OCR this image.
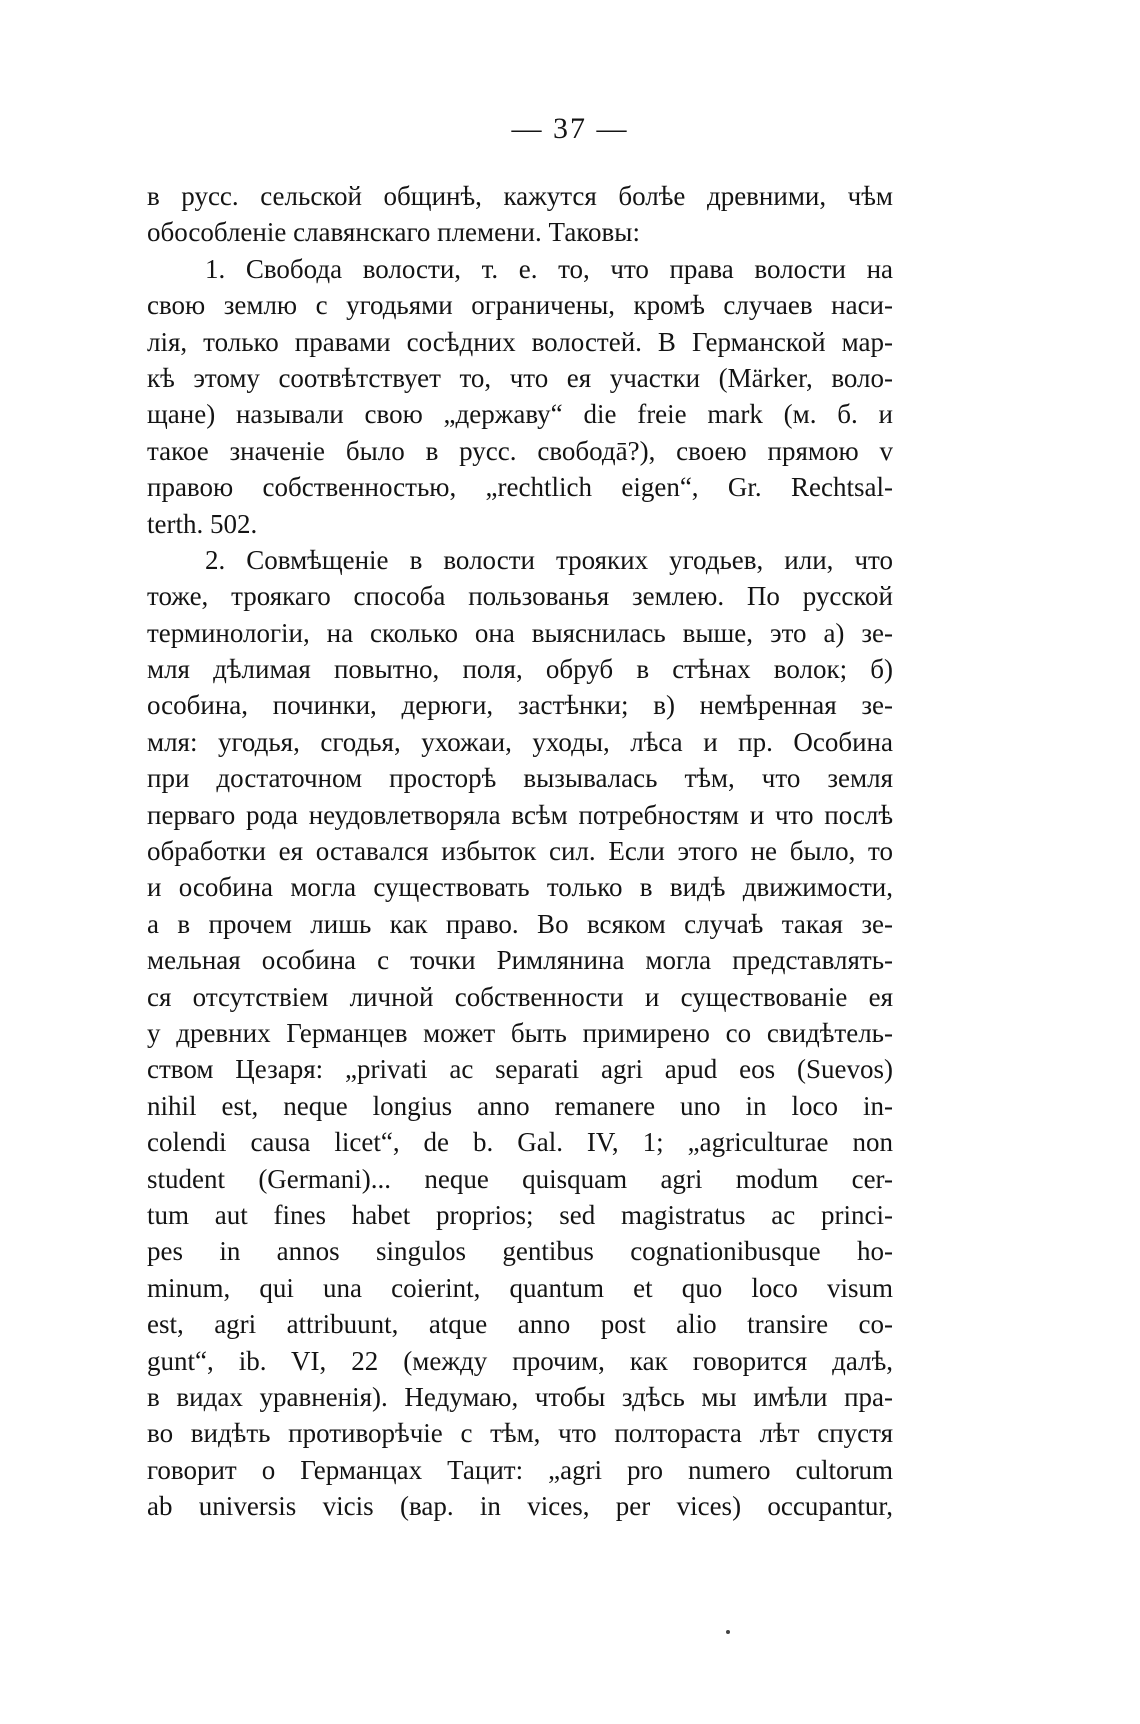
— 37 —
в русс. сельской общинѣ, кажутся болѣе древними, чѣм
обособленіе славянскаго племени. Таковы:
1. Свобода волости, т. е. то, что права волости на
свою землю с угодьями ограничены, кромѣ случаев наси-
лія, только правами сосѣдних волостей. В Германской мар-
кѣ этому соотвѣтствует то, что ея участки (Märker, воло-
щане) называли свою „державу“ die freie mark (м. б. и
такое значеніе было в русс. свободā?), своею прямою v
правою собственностью, „rechtlich eigen“, Gr. Rechtsal-
terth. 502.
2. Совмѣщеніе в волости трояких угодьев, или, что
тоже, троякаго способа пользованья землею. По русской
терминологіи, на сколько она выяснилась выше, это а) зе-
мля дѣлимая повытно, поля, обруб в стѣнах волок; б)
особина, починки, дерюги, застѣнки; в) немѣренная зе-
мля: угодья, сгодья, ухожаи, уходы, лѣса и пр. Особина
при достаточном просторѣ вызывалась тѣм, что земля
перваго рода неудовлетворяла всѣм потребностям и что послѣ
обработки ея оставался избыток сил. Если этого не было, то
и особина могла существовать только в видѣ движимости,
а в прочем лишь как право. Во всяком случаѣ такая зе-
мельная особина с точки Римлянина могла представлять-
ся отсутствіем личной собственности и существованіе ея
у древних Германцев может быть примирено со свидѣтель-
ством Цезаря: „privati ac separati agri apud eos (Suevos)
nihil est, neque longius anno remanere uno in loco in-
colendi causa licet“, de b. Gal. IV, 1; „agriculturae non
student (Germani)... neque quisquam agri modum cer-
tum aut fines habet proprios; sed magistratus ac princi-
pes in annos singulos gentibus cognationibusque ho-
minum, qui una coierint, quantum et quo loco visum
est, agri attribuunt, atque anno post alio transire co-
gunt“, ib. VI, 22 (между прочим, как говорится далѣ,
в видах уравненія). Недумаю, чтобы здѣсь мы имѣли пра-
во видѣть противорѣчіе с тѣм, что полтораста лѣт спустя
говорит о Германцах Тацит: „agri pro numero cultorum
ab universis vicis (вар. in vices, per vices) occupantur,
